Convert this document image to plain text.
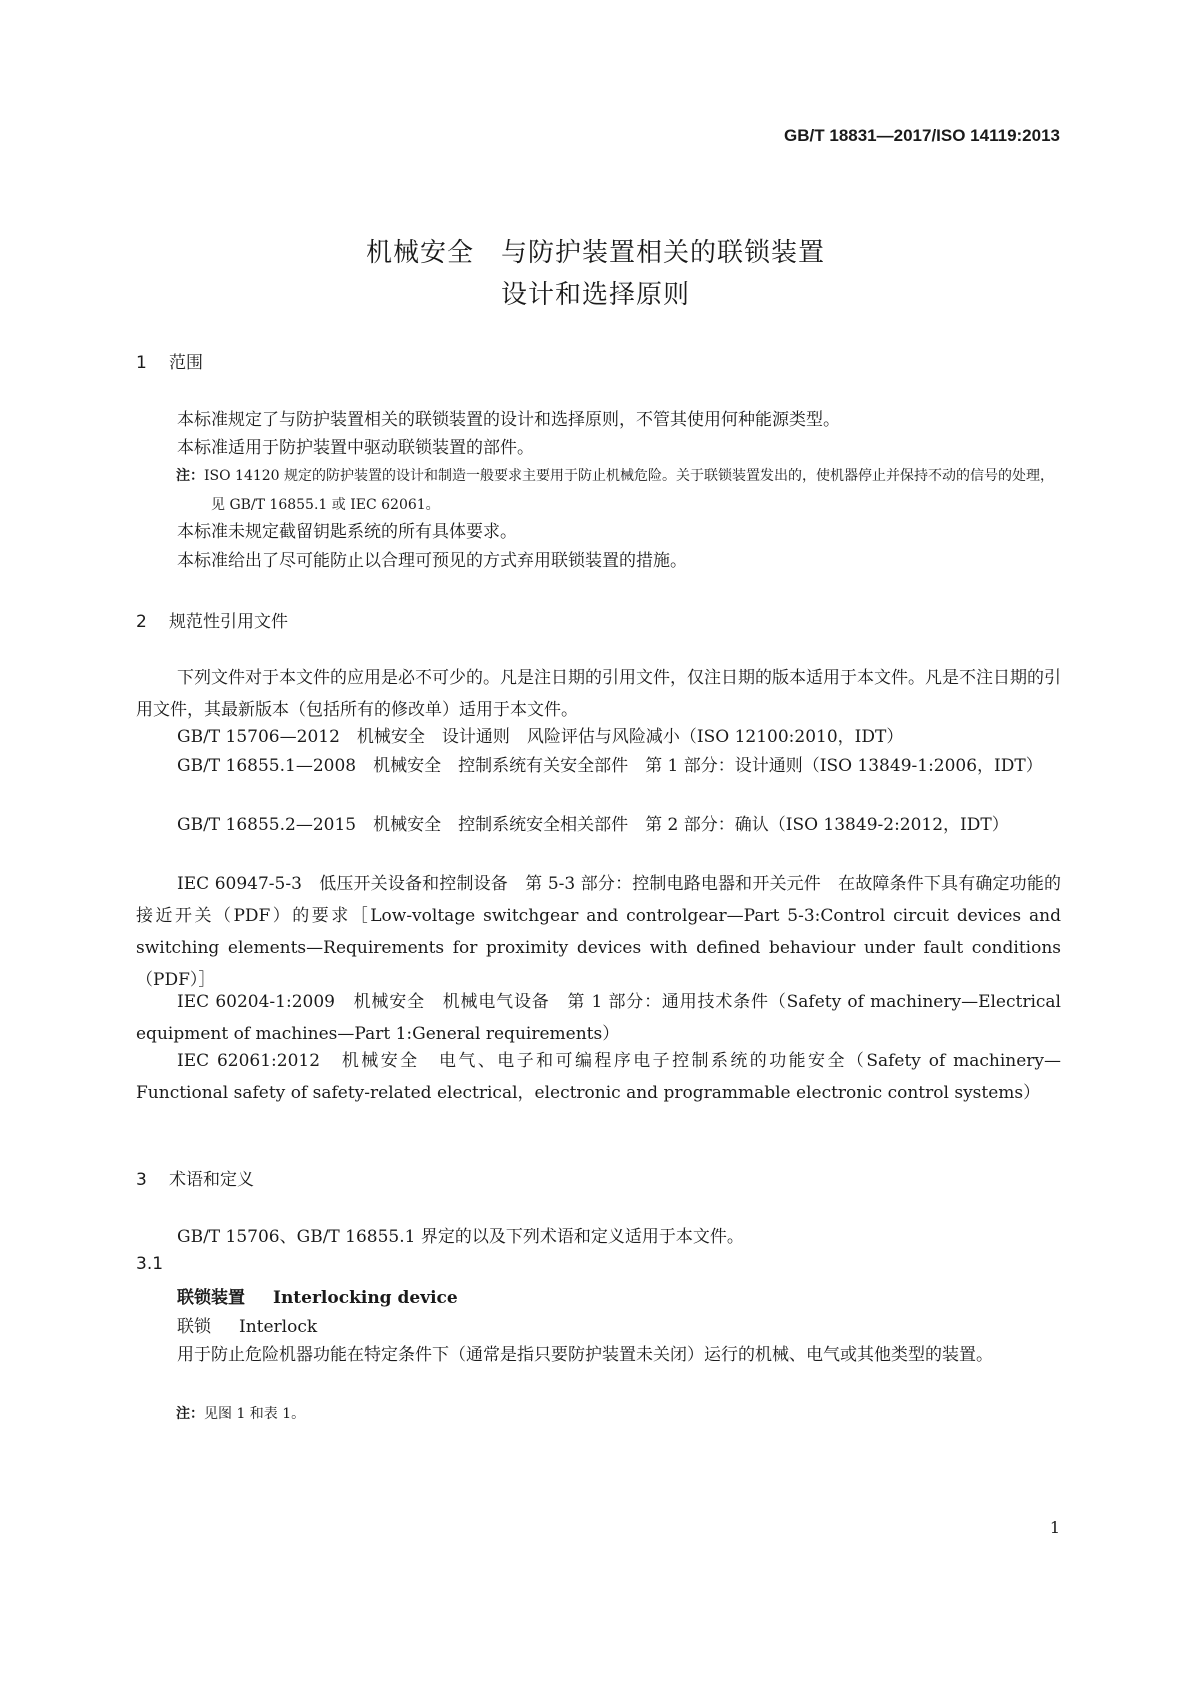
GB/T 18831—2017/ISO 14119:2013
机械安全　与防护装置相关的联锁装置
设计和选择原则
1 范围

本标准规定了与防护装置相关的联锁装置的设计和选择原则，不管其使用何种能源类型。

本标准适用于防护装置中驱动联锁装置的部件。

注：ISO 14120 规定的防护装置的设计和制造一般要求主要用于防止机械危险。关于联锁装置发出的，使机器停止并保持不动的信号的处理，见 GB/T 16855.1 或 IEC 62061。

本标准未规定截留钥匙系统的所有具体要求。

本标准给出了尽可能防止以合理可预见的方式弃用联锁装置的措施。

2 规范性引用文件

下列文件对于本文件的应用是必不可少的。凡是注日期的引用文件，仅注日期的版本适用于本文件。凡是不注日期的引用文件，其最新版本（包括所有的修改单）适用于本文件。

GB/T 15706—2012　机械安全　设计通则　风险评估与风险减小（ISO 12100:2010，IDT）

GB/T 16855.1—2008　机械安全　控制系统有关安全部件　第 1 部分：设计通则（ISO 13849-1:2006，IDT）

GB/T 16855.2—2015　机械安全　控制系统安全相关部件　第 2 部分：确认（ISO 13849-2:2012，IDT）

IEC 60947-5-3　低压开关设备和控制设备　第 5-3 部分：控制电路电器和开关元件　在故障条件下具有确定功能的接近开关（PDF）的要求［Low-voltage switchgear and controlgear—Part 5-3:Control circuit devices and switching elements—Requirements for proximity devices with defined behaviour under fault conditions（PDF）］

IEC 60204-1:2009　机械安全　机械电气设备　第 1 部分：通用技术条件（Safety of machinery—Electrical equipment of machines—Part 1:General requirements）

IEC 62061:2012　机械安全　电气、电子和可编程序电子控制系统的功能安全（Safety of machinery—Functional safety of safety-related electrical，electronic and programmable electronic control systems）

3 术语和定义

GB/T 15706、GB/T 16855.1 界定的以及下列术语和定义适用于本文件。

3.1
联锁装置 Interlocking device
联锁 Interlock

用于防止危险机器功能在特定条件下（通常是指只要防护装置未关闭）运行的机械、电气或其他类型的装置。

注：见图 1 和表 1。

1
